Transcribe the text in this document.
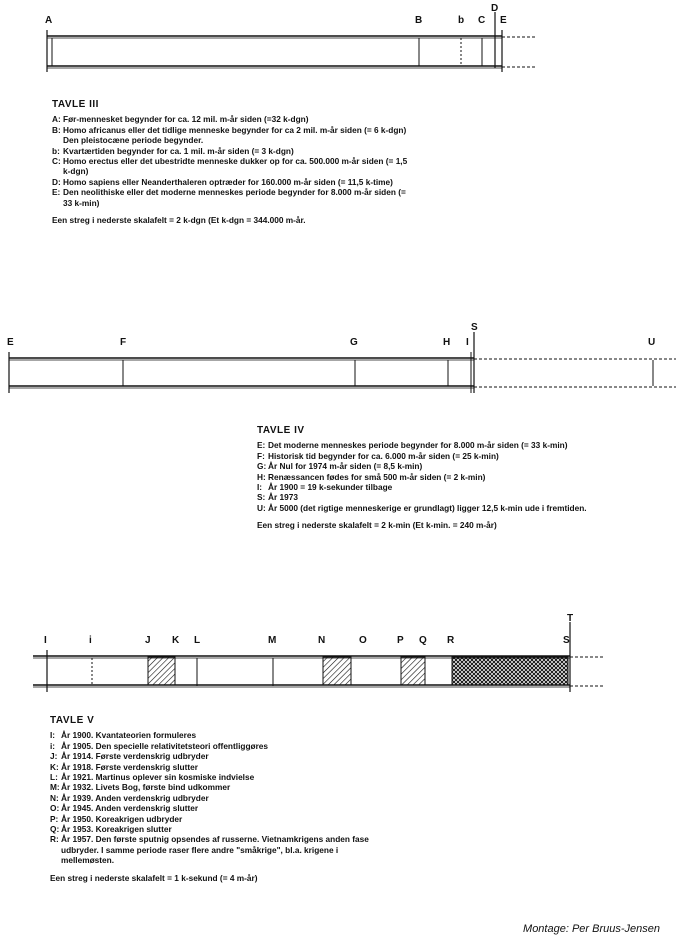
A	B	b C
D
E
E	F	G	H I
S
U
I	i	J K L	M	N	O	P Q R	S
T
TAVLE III
A: Før-mennesket begynder for ca. 12 mil. m-år siden (=32 k-dgn)
B: Homo africanus eller det tidlige menneske begynder for ca 2 mil. m-år siden (= 6 k-dgn) Den pleistocæne periode begynder.
b: Kvartærtiden begynder for ca. 1 mil. m-år siden (= 3 k-dgn)
C: Homo erectus eller det ubestridte menneske dukker op for ca. 500.000 m-år siden (= 1,5 k-dgn)
D: Homo sapiens eller Neanderthaleren optræder for 160.000 m-år siden (= 11,5 k-time)
E: Den neolithiske eller det moderne menneskes periode begynder for 8.000 m-år siden (= 33 k-min)
Een streg i nederste skalafelt = 2 k-dgn (Et k-dgn = 344.000 m-år.
TAVLE IV
E: Det moderne menneskes periode begynder for 8.000 m-år siden (= 33 k-min)
F: Historisk tid begynder for ca. 6.000 m-år siden (= 25 k-min)
G: År Nul for 1974 m-år siden (= 8,5 k-min)
H: Renæssancen fødes for små 500 m-år siden (= 2 k-min)
I: År 1900 = 19 k-sekunder tilbage
S: År 1973
U: År 5000 (det rigtige menneskerige er grundlagt) ligger 12,5 k-min ude i fremtiden.
Een streg i nederste skalafelt = 2 k-min (Et k-min. = 240 m-år)
TAVLE V
I: År 1900. Kvantateorien formuleres
i: År 1905. Den specielle relativitetsteori offentliggøres
J: År 1914. Første verdenskrig udbryder
K: År 1918. Første verdenskrig slutter
L: År 1921. Martinus oplever sin kosmiske indvielse
M: År 1932. Livets Bog, første bind udkommer
N: År 1939. Anden verdenskrig udbryder
O: År 1945. Anden verdenskrig slutter
P: År 1950. Koreakrigen udbryder
Q: År 1953. Koreakrigen slutter
R: År 1957. Den første sputnig opsendes af russerne. Vietnamkrigens anden fase udbryder. I samme periode raser flere andre "småkrige", bl.a. krigene i mellemøsten.
Een streg i nederste skalafelt = 1 k-sekund (= 4 m-år)
Montage: Per Bruus-Jensen
